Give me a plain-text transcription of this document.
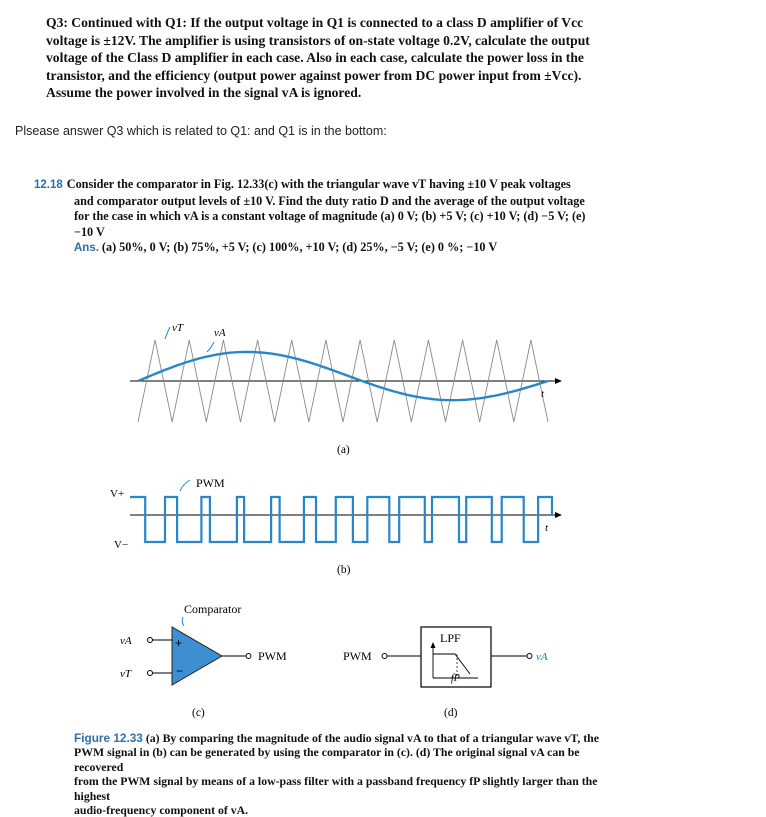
Q3: Continued with Q1: If the output voltage in Q1 is connected to a class D amplifier of Vcc
voltage is ±12V. The amplifier is using transistors of on-state voltage 0.2V, calculate the output
voltage of the Class D amplifier in each case. Also in each case, calculate the power loss in the
transistor, and the efficiency (output power against power from DC power input from ±Vcc).
Assume the power involved in the signal vA is ignored.
Plsease answer Q3 which is related to Q1: and Q1 is in the bottom:
12.18 Consider the comparator in Fig. 12.33(c) with the triangular wave vT having ±10 V peak voltages
and comparator output levels of ±10 V. Find the duty ratio D and the average of the output voltage
for the case in which vA is a constant voltage of magnitude (a) 0 V; (b) +5 V; (c) +10 V; (d) −5 V; (e)
−10 V
Ans. (a) 50%, 0 V; (b) 75%, +5 V; (c) 100%, +10 V; (d) 25%, −5 V; (e) 0 %; −10 V
vT	vA
t
(a)
PWM
V+
V−
t
(b)
Comparator
+
−
vA
vT
PWM
(c)
PWM
LPF
fP
vA
(d)
Figure 12.33 (a) By comparing the magnitude of the audio signal vA to that of a triangular wave vT, the
PWM signal in (b) can be generated by using the comparator in (c). (d) The original signal vA can be recovered
from the PWM signal by means of a low-pass filter with a passband frequency fP slightly larger than the highest
audio-frequency component of vA.
